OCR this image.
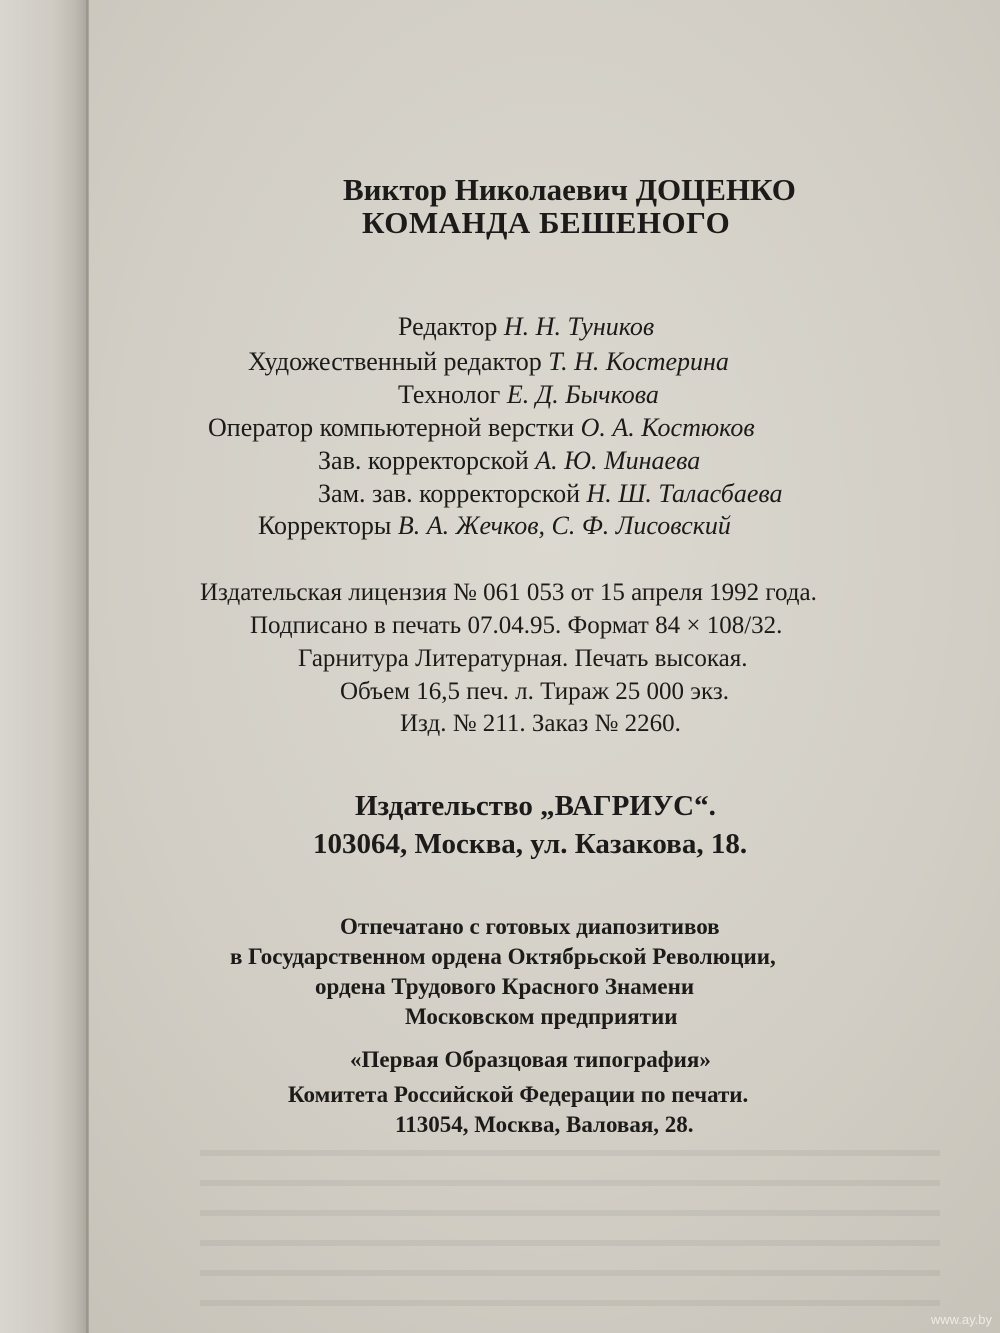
Виктор Николаевич ДОЦЕНКО
КОМАНДА БЕШЕНОГО
Редактор Н. Н. Туников
Художественный редактор Т. Н. Костерина
Технолог Е. Д. Бычкова
Оператор компьютерной верстки О. А. Костюков
Зав. корректорской А. Ю. Минаева
Зам. зав. корректорской Н. Ш. Таласбаева
Корректоры В. А. Жечков, С. Ф. Лисовский
Издательская лицензия № 061 053 от 15 апреля 1992 года.
Подписано в печать 07.04.95. Формат 84 × 108/32.
Гарнитура Литературная. Печать высокая.
Объем 16,5 печ. л. Тираж 25 000 экз.
Изд. № 211. Заказ № 2260.
Издательство „ВАГРИУС“.
103064, Москва, ул. Казакова, 18.
Отпечатано с готовых диапозитивов
в Государственном ордена Октябрьской Революции,
ордена Трудового Красного Знамени
Московском предприятии
«Первая Образцовая типография»
Комитета Российской Федерации по печати.
113054, Москва, Валовая, 28.
www.ay.by
